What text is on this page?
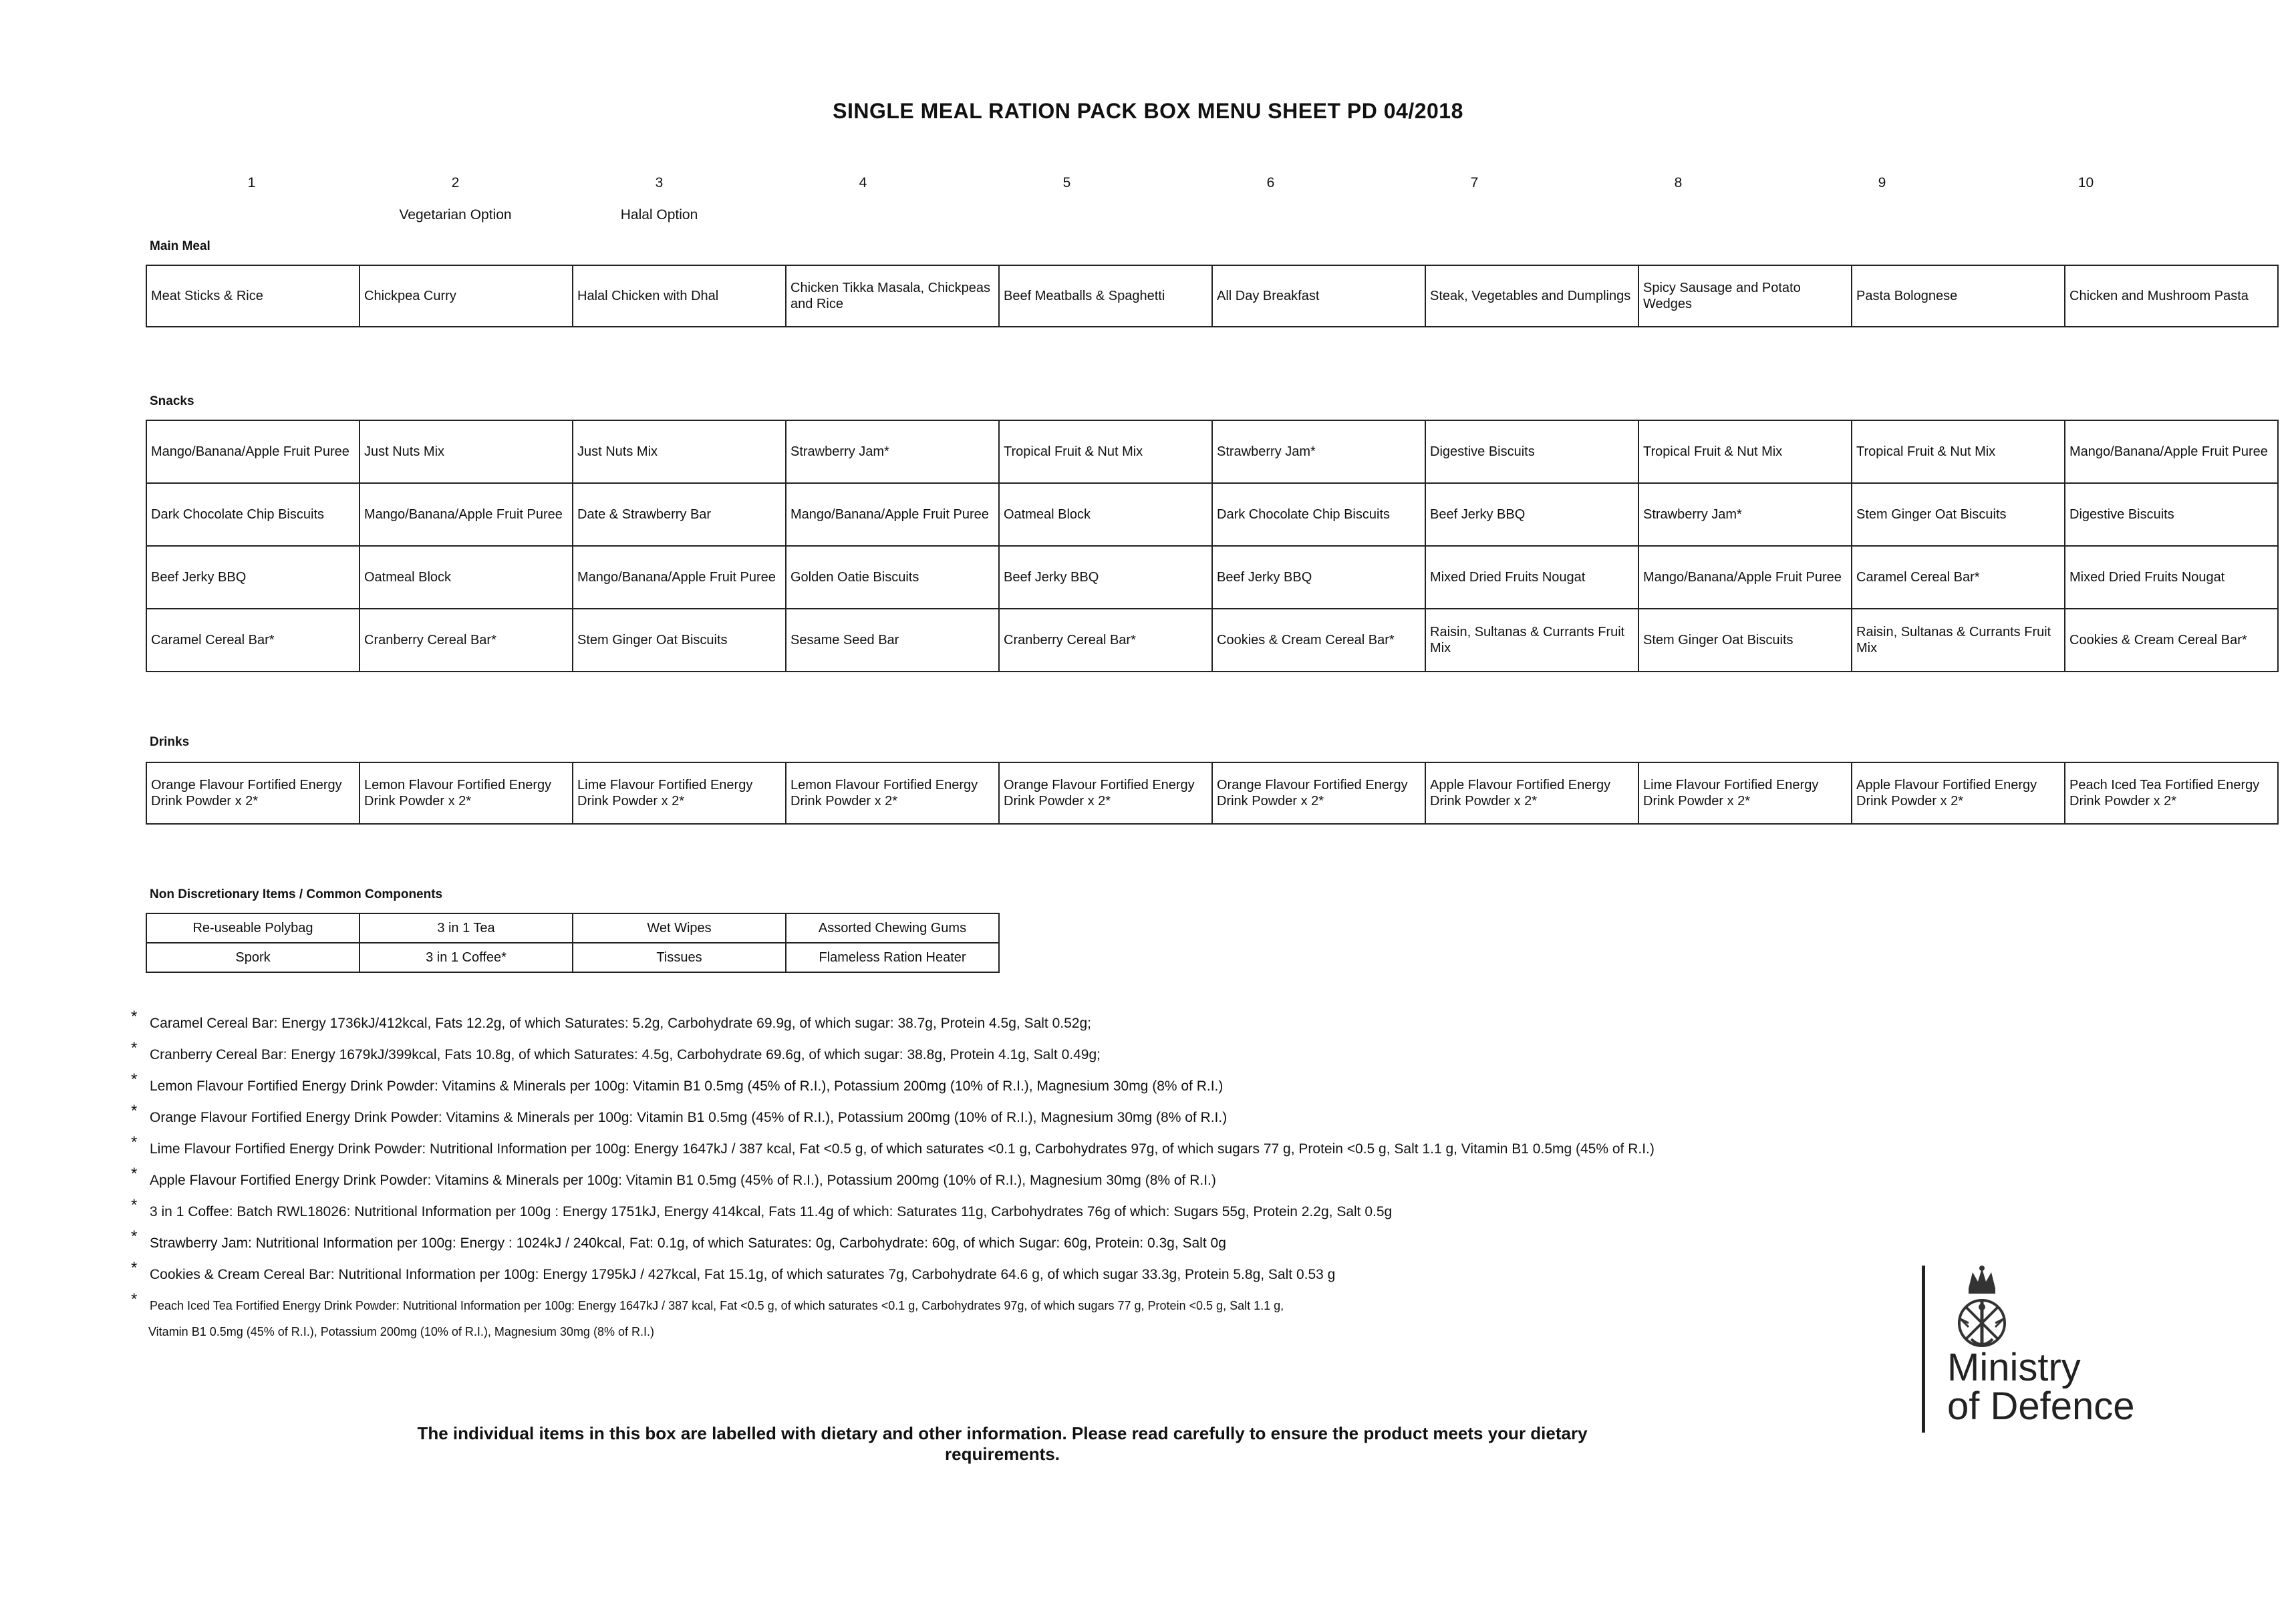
SINGLE MEAL RATION PACK BOX MENU SHEET PD 04/2018
1	2	3	4	5	6	7	8	9	10
Vegetarian Option	Halal Option
Main Meal
Meat Sticks & Rice	Chickpea Curry	Halal Chicken with Dhal	Chicken Tikka Masala, Chickpeas and Rice	Beef Meatballs & Spaghetti	All Day Breakfast	Steak, Vegetables and Dumplings	Spicy Sausage and Potato Wedges	Pasta Bolognese	Chicken and Mushroom Pasta
Snacks
Mango/Banana/Apple Fruit Puree	Just Nuts Mix	Just Nuts Mix	Strawberry Jam*	Tropical Fruit & Nut Mix	Strawberry Jam*	Digestive Biscuits	Tropical Fruit & Nut Mix	Tropical Fruit & Nut Mix	Mango/Banana/Apple Fruit Puree
Dark Chocolate Chip Biscuits	Mango/Banana/Apple Fruit Puree	Date & Strawberry Bar	Mango/Banana/Apple Fruit Puree	Oatmeal Block	Dark Chocolate Chip Biscuits	Beef Jerky BBQ	Strawberry Jam*	Stem Ginger Oat Biscuits	Digestive Biscuits
Beef Jerky BBQ	Oatmeal Block	Mango/Banana/Apple Fruit Puree	Golden Oatie Biscuits	Beef Jerky BBQ	Beef Jerky BBQ	Mixed Dried Fruits Nougat	Mango/Banana/Apple Fruit Puree	Caramel Cereal Bar*	Mixed Dried Fruits Nougat
Caramel Cereal Bar*	Cranberry Cereal Bar*	Stem Ginger Oat Biscuits	Sesame Seed Bar	Cranberry Cereal Bar*	Cookies & Cream Cereal Bar*	Raisin, Sultanas & Currants Fruit Mix	Stem Ginger Oat Biscuits	Raisin, Sultanas & Currants Fruit Mix	Cookies & Cream Cereal Bar*
Drinks
Orange Flavour Fortified Energy Drink Powder x 2*	Lemon Flavour Fortified Energy Drink Powder x 2*	Lime Flavour Fortified Energy Drink Powder x 2*	Lemon Flavour Fortified Energy Drink Powder x 2*	Orange Flavour Fortified Energy Drink Powder x 2*	Orange Flavour Fortified Energy Drink Powder x 2*	Apple Flavour Fortified Energy Drink Powder x 2*	Lime Flavour Fortified Energy Drink Powder x 2*	Apple Flavour Fortified Energy Drink Powder x 2*	Peach Iced Tea Fortified Energy Drink Powder x 2*
Non Discretionary Items / Common Components
Re-useable Polybag	3 in 1 Tea	Wet Wipes	Assorted Chewing Gums
Spork	3 in 1 Coffee*	Tissues	Flameless Ration Heater
* Caramel Cereal Bar: Energy 1736kJ/412kcal, Fats 12.2g, of which Saturates: 5.2g, Carbohydrate 69.9g, of which sugar: 38.7g, Protein 4.5g, Salt 0.52g;
* Cranberry Cereal Bar: Energy 1679kJ/399kcal, Fats 10.8g, of which Saturates: 4.5g, Carbohydrate 69.6g, of which sugar: 38.8g, Protein 4.1g, Salt 0.49g;
* Lemon Flavour Fortified Energy Drink Powder: Vitamins & Minerals per 100g: Vitamin B1 0.5mg (45% of R.I.), Potassium 200mg (10% of R.I.), Magnesium 30mg (8% of R.I.)
* Orange Flavour Fortified Energy Drink Powder: Vitamins & Minerals per 100g: Vitamin B1 0.5mg (45% of R.I.), Potassium 200mg (10% of R.I.), Magnesium 30mg (8% of R.I.)
* Lime Flavour Fortified Energy Drink Powder: Nutritional Information per 100g: Energy 1647kJ / 387 kcal, Fat <0.5 g, of which saturates <0.1 g, Carbohydrates 97g, of which sugars 77 g, Protein <0.5 g, Salt 1.1 g, Vitamin B1 0.5mg (45% of R.I.)
* Apple Flavour Fortified Energy Drink Powder: Vitamins & Minerals per 100g: Vitamin B1 0.5mg (45% of R.I.), Potassium 200mg (10% of R.I.), Magnesium 30mg (8% of R.I.)
* 3 in 1 Coffee: Batch RWL18026: Nutritional Information per 100g : Energy 1751kJ, Energy 414kcal, Fats 11.4g of which: Saturates 11g, Carbohydrates 76g of which: Sugars 55g, Protein 2.2g, Salt 0.5g
* Strawberry Jam: Nutritional Information per 100g: Energy : 1024kJ / 240kcal, Fat: 0.1g, of which Saturates: 0g, Carbohydrate: 60g, of which Sugar: 60g, Protein: 0.3g, Salt 0g
* Cookies & Cream Cereal Bar: Nutritional Information per 100g: Energy 1795kJ / 427kcal, Fat 15.1g, of which saturates 7g, Carbohydrate 64.6 g, of which sugar 33.3g, Protein 5.8g, Salt 0.53 g
* Peach Iced Tea Fortified Energy Drink Powder: Nutritional Information per 100g: Energy 1647kJ / 387 kcal, Fat <0.5 g, of which saturates <0.1 g, Carbohydrates 97g, of which sugars 77 g, Protein <0.5 g, Salt 1.1 g,
Vitamin B1 0.5mg (45% of R.I.), Potassium 200mg (10% of R.I.), Magnesium 30mg (8% of R.I.)
The individual items in this box are labelled with dietary and other information. Please read carefully to ensure the product meets your dietary requirements.
Ministry
of Defence
